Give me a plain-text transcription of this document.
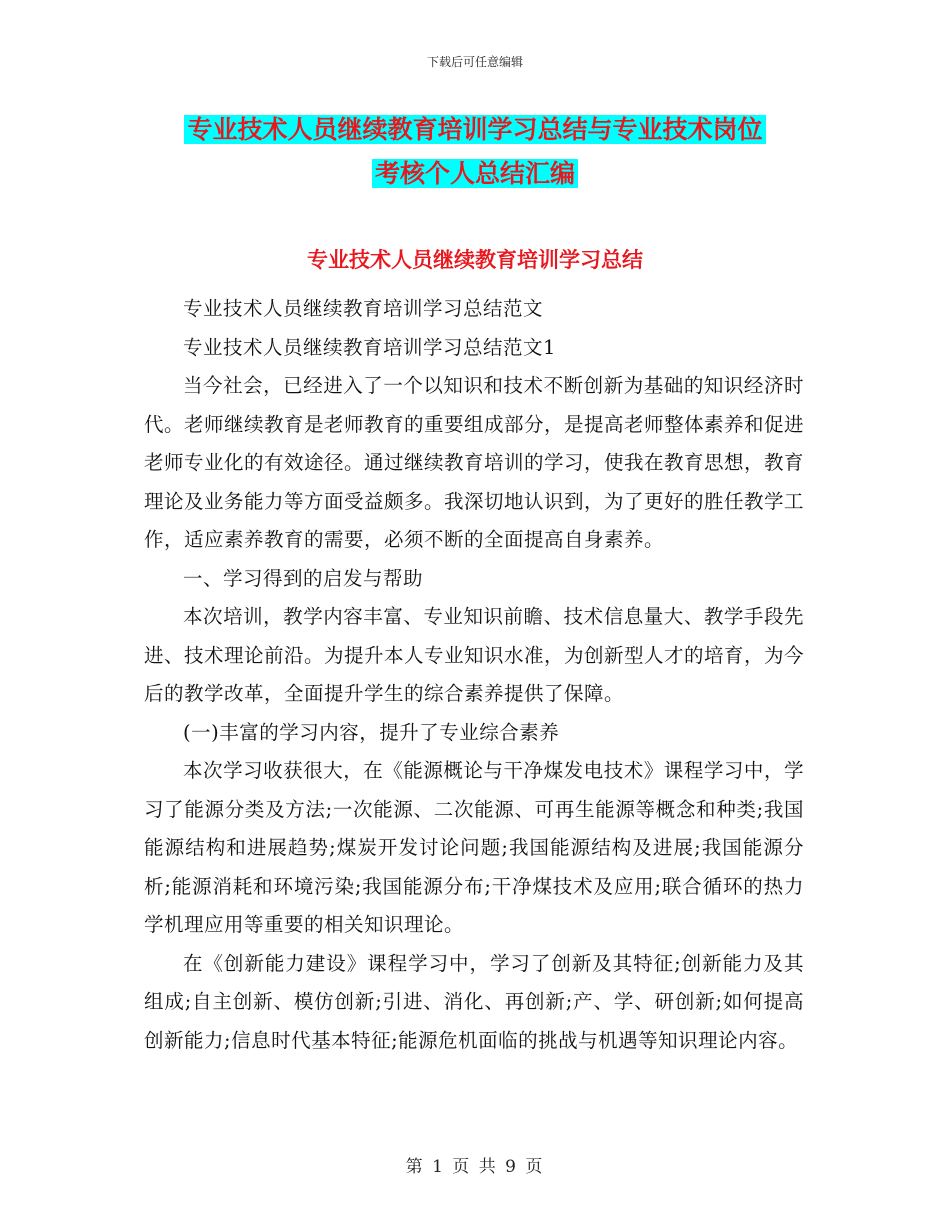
下载后可任意编辑
专业技术人员继续教育培训学习总结与专业技术岗位
考核个人总结汇编
专业技术人员继续教育培训学习总结

专业技术人员继续教育培训学习总结范文

专业技术人员继续教育培训学习总结范文1

当今社会，已经进入了一个以知识和技术不断创新为基础的知识经济时代。老师继续教育是老师教育的重要组成部分，是提高老师整体素养和促进老师专业化的有效途径。通过继续教育培训的学习，使我在教育思想，教育理论及业务能力等方面受益颇多。我深切地认识到，为了更好的胜任教学工作，适应素养教育的需要，必须不断的全面提高自身素养。

一、学习得到的启发与帮助

本次培训，教学内容丰富、专业知识前瞻、技术信息量大、教学手段先进、技术理论前沿。为提升本人专业知识水准，为创新型人才的培育，为今后的教学改革，全面提升学生的综合素养提供了保障。

(一)丰富的学习内容，提升了专业综合素养

本次学习收获很大，在《能源概论与干净煤发电技术》课程学习中，学习了能源分类及方法;一次能源、二次能源、可再生能源等概念和种类;我国能源结构和进展趋势;煤炭开发讨论问题;我国能源结构及进展;我国能源分析;能源消耗和环境污染;我国能源分布;干净煤技术及应用;联合循环的热力学机理应用等重要的相关知识理论。

在《创新能力建设》课程学习中，学习了创新及其特征;创新能力及其组成;自主创新、模仿创新;引进、消化、再创新;产、学、研创新;如何提高创新能力;信息时代基本特征;能源危机面临的挑战与机遇等知识理论内容。

第 1 页 共 9 页
